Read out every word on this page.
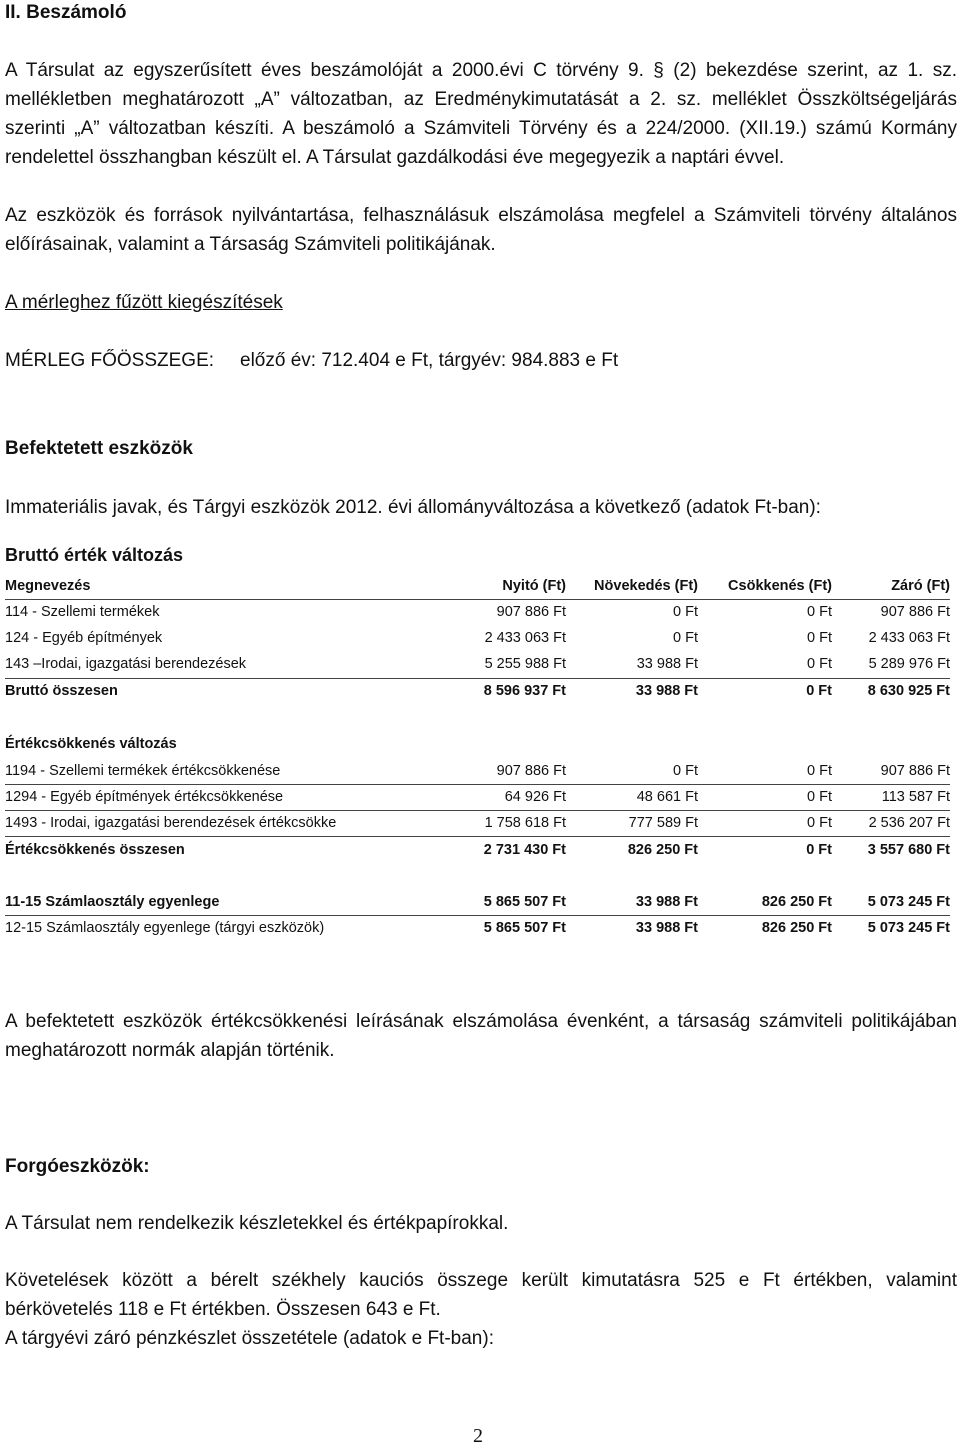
II. Beszámoló
A Társulat az egyszerűsített éves beszámolóját a 2000.évi C törvény 9. § (2) bekezdése szerint, az 1. sz. mellékletben meghatározott „A” változatban, az Eredménykimutatását a 2. sz. melléklet Összköltségeljárás szerinti „A” változatban készíti. A beszámoló a Számviteli Törvény és a 224/2000. (XII.19.) számú Kormány rendelettel összhangban készült el. A Társulat gazdálkodási éve megegyezik a naptári évvel.
Az eszközök és források nyilvántartása, felhasználásuk elszámolása megfelel a Számviteli törvény általános előírásainak, valamint a Társaság Számviteli politikájának.
A mérleghez fűzött kiegészítések
MÉRLEG FŐÖSSZEGE: előző év: 712.404 e Ft, tárgyév: 984.883 e Ft
Befektetett eszközök
Immateriális javak, és Tárgyi eszközök 2012. évi állományváltozása a következő (adatok Ft-ban):
Bruttó érték változás
Megnevezés	Nyitó (Ft) Növekedés (Ft) Csökkenés (Ft)	Záró (Ft)
114 - Szellemi termékek	907 886 Ft	0 Ft	0 Ft	907 886 Ft
124 - Egyéb építmények	2 433 063 Ft	0 Ft	0 Ft	2 433 063 Ft
143 –Irodai, igazgatási berendezések	5 255 988 Ft	33 988 Ft	0 Ft	5 289 976 Ft
Bruttó összesen	8 596 937 Ft	33 988 Ft	0 Ft 8 630 925 Ft
Értékcsökkenés változás
1194 - Szellemi termékek értékcsökkenése	907 886 Ft	0 Ft	0 Ft	907 886 Ft
1294 - Egyéb építmények értékcsökkenése	64 926 Ft	48 661 Ft	0 Ft	113 587 Ft
1493 - Irodai, igazgatási berendezések értékcsökke	1 758 618 Ft	777 589 Ft	0 Ft	2 536 207 Ft
Értékcsökkenés összesen	2 731 430 Ft	826 250 Ft	0 Ft 3 557 680 Ft
11-15 Számlaosztály egyenlege	5 865 507 Ft	33 988 Ft	826 250 Ft 5 073 245 Ft
12-15 Számlaosztály egyenlege (tárgyi eszközök)	5 865 507 Ft	33 988 Ft	826 250 Ft 5 073 245 Ft
A befektetett eszközök értékcsökkenési leírásának elszámolása évenként, a társaság számviteli politikájában meghatározott normák alapján történik.
Forgóeszközök:
A Társulat nem rendelkezik készletekkel és értékpapírokkal.
Követelések között a bérelt székhely kauciós összege került kimutatásra 525 e Ft értékben, valamint bérkövetelés 118 e Ft értékben. Összesen 643 e Ft.
A tárgyévi záró pénzkészlet összetétele (adatok e Ft-ban):
2
